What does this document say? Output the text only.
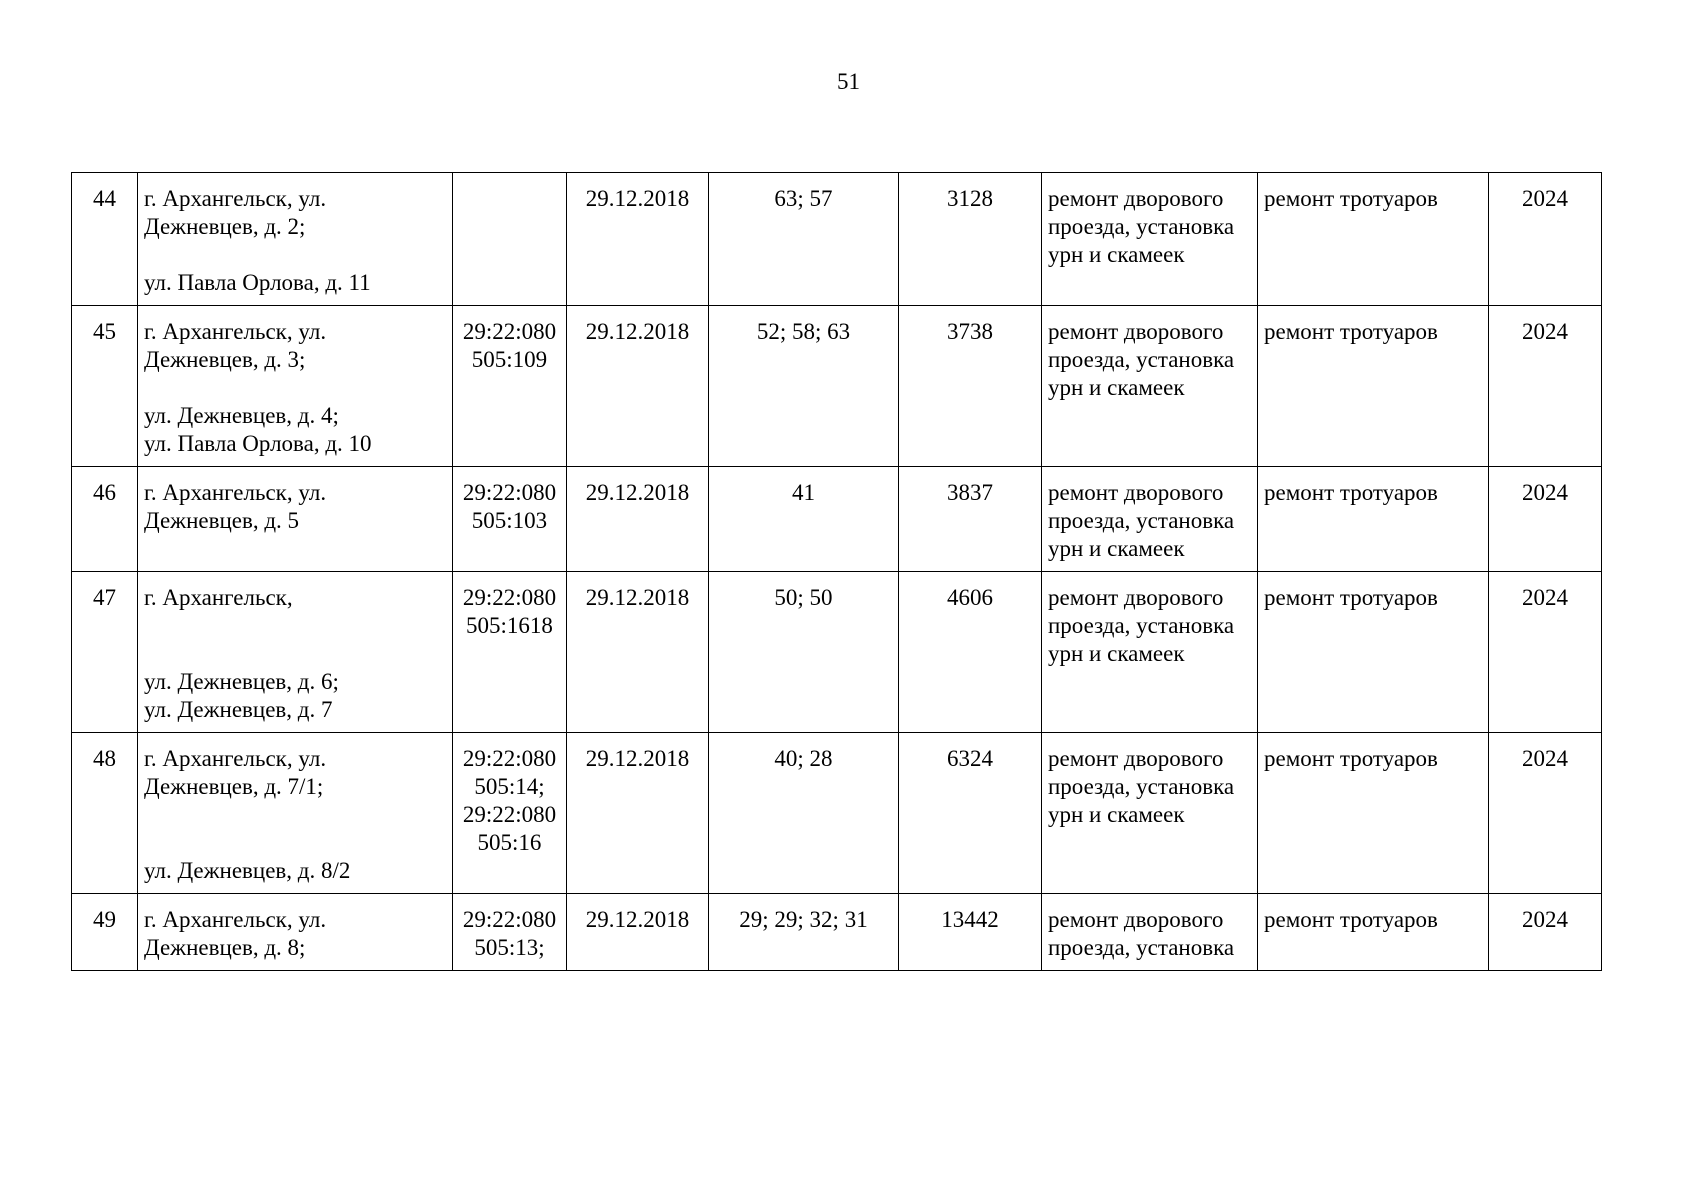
51
44	г. Архангельск, ул.
Дежневцев, д. 2;

ул. Павла Орлова, д. 11		29.12.2018	63; 57	3128	ремонт дворового проезда, установка урн и скамеек	ремонт тротуаров	2024
45	г. Архангельск, ул.
Дежневцев, д. 3;

ул. Дежневцев, д. 4;
ул. Павла Орлова, д. 10	29:22:080
505:109	29.12.2018	52; 58; 63	3738	ремонт дворового проезда, установка урн и скамеек	ремонт тротуаров	2024
46	г. Архангельск, ул.
Дежневцев, д. 5	29:22:080
505:103	29.12.2018	41	3837	ремонт дворового проезда, установка урн и скамеек	ремонт тротуаров	2024
47	г. Архангельск,

ул. Дежневцев, д. 6;
ул. Дежневцев, д. 7	29:22:080
505:1618	29.12.2018	50; 50	4606	ремонт дворового проезда, установка урн и скамеек	ремонт тротуаров	2024
48	г. Архангельск, ул.
Дежневцев, д. 7/1;

ул. Дежневцев, д. 8/2	29:22:080
505:14;
29:22:080
505:16	29.12.2018	40; 28	6324	ремонт дворового проезда, установка урн и скамеек	ремонт тротуаров	2024
49	г. Архангельск, ул.
Дежневцев, д. 8;	29:22:080
505:13;	29.12.2018	29; 29; 32; 31	13442	ремонт дворового проезда, установка	ремонт тротуаров	2024
